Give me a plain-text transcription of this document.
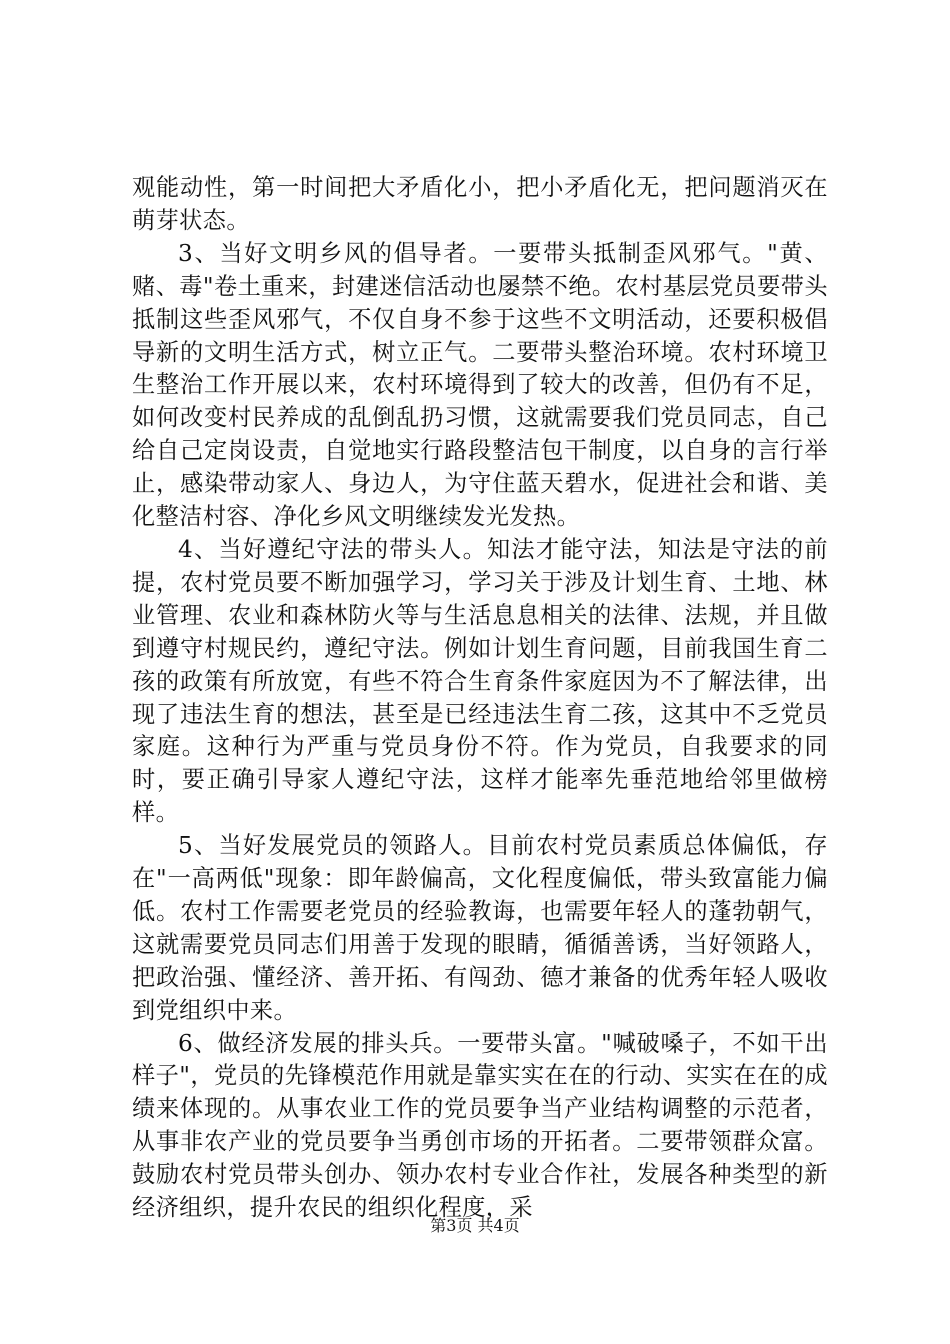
观能动性，第一时间把大矛盾化小，把小矛盾化无，把问题消灭在萌芽状态。

3、当好文明乡风的倡导者。一要带头抵制歪风邪气。"黄、赌、毒"卷土重来，封建迷信活动也屡禁不绝。农村基层党员要带头抵制这些歪风邪气，不仅自身不参于这些不文明活动，还要积极倡导新的文明生活方式，树立正气。二要带头整治环境。农村环境卫生整治工作开展以来，农村环境得到了较大的改善，但仍有不足，如何改变村民养成的乱倒乱扔习惯，这就需要我们党员同志，自己给自己定岗设责，自觉地实行路段整洁包干制度，以自身的言行举止，感染带动家人、身边人，为守住蓝天碧水，促进社会和谐、美化整洁村容、净化乡风文明继续发光发热。

4、当好遵纪守法的带头人。知法才能守法，知法是守法的前提，农村党员要不断加强学习，学习关于涉及计划生育、土地、林业管理、农业和森林防火等与生活息息相关的法律、法规，并且做到遵守村规民约，遵纪守法。例如计划生育问题，目前我国生育二孩的政策有所放宽，有些不符合生育条件家庭因为不了解法律，出现了违法生育的想法，甚至是已经违法生育二孩，这其中不乏党员家庭。这种行为严重与党员身份不符。作为党员，自我要求的同时，要正确引导家人遵纪守法，这样才能率先垂范地给邻里做榜样。

5、当好发展党员的领路人。目前农村党员素质总体偏低，存在"一高两低"现象：即年龄偏高，文化程度偏低，带头致富能力偏低。农村工作需要老党员的经验教诲，也需要年轻人的蓬勃朝气，这就需要党员同志们用善于发现的眼睛，循循善诱，当好领路人，把政治强、懂经济、善开拓、有闯劲、德才兼备的优秀年轻人吸收到党组织中来。

6、做经济发展的排头兵。一要带头富。"喊破嗓子，不如干出样子"，党员的先锋模范作用就是靠实实在在的行动、实实在在的成绩来体现的。从事农业工作的党员要争当产业结构调整的示范者，从事非农产业的党员要争当勇创市场的开拓者。二要带领群众富。鼓励农村党员带头创办、领办农村专业合作社，发展各种类型的新经济组织，提升农民的组织化程度，采

第3页 共4页
